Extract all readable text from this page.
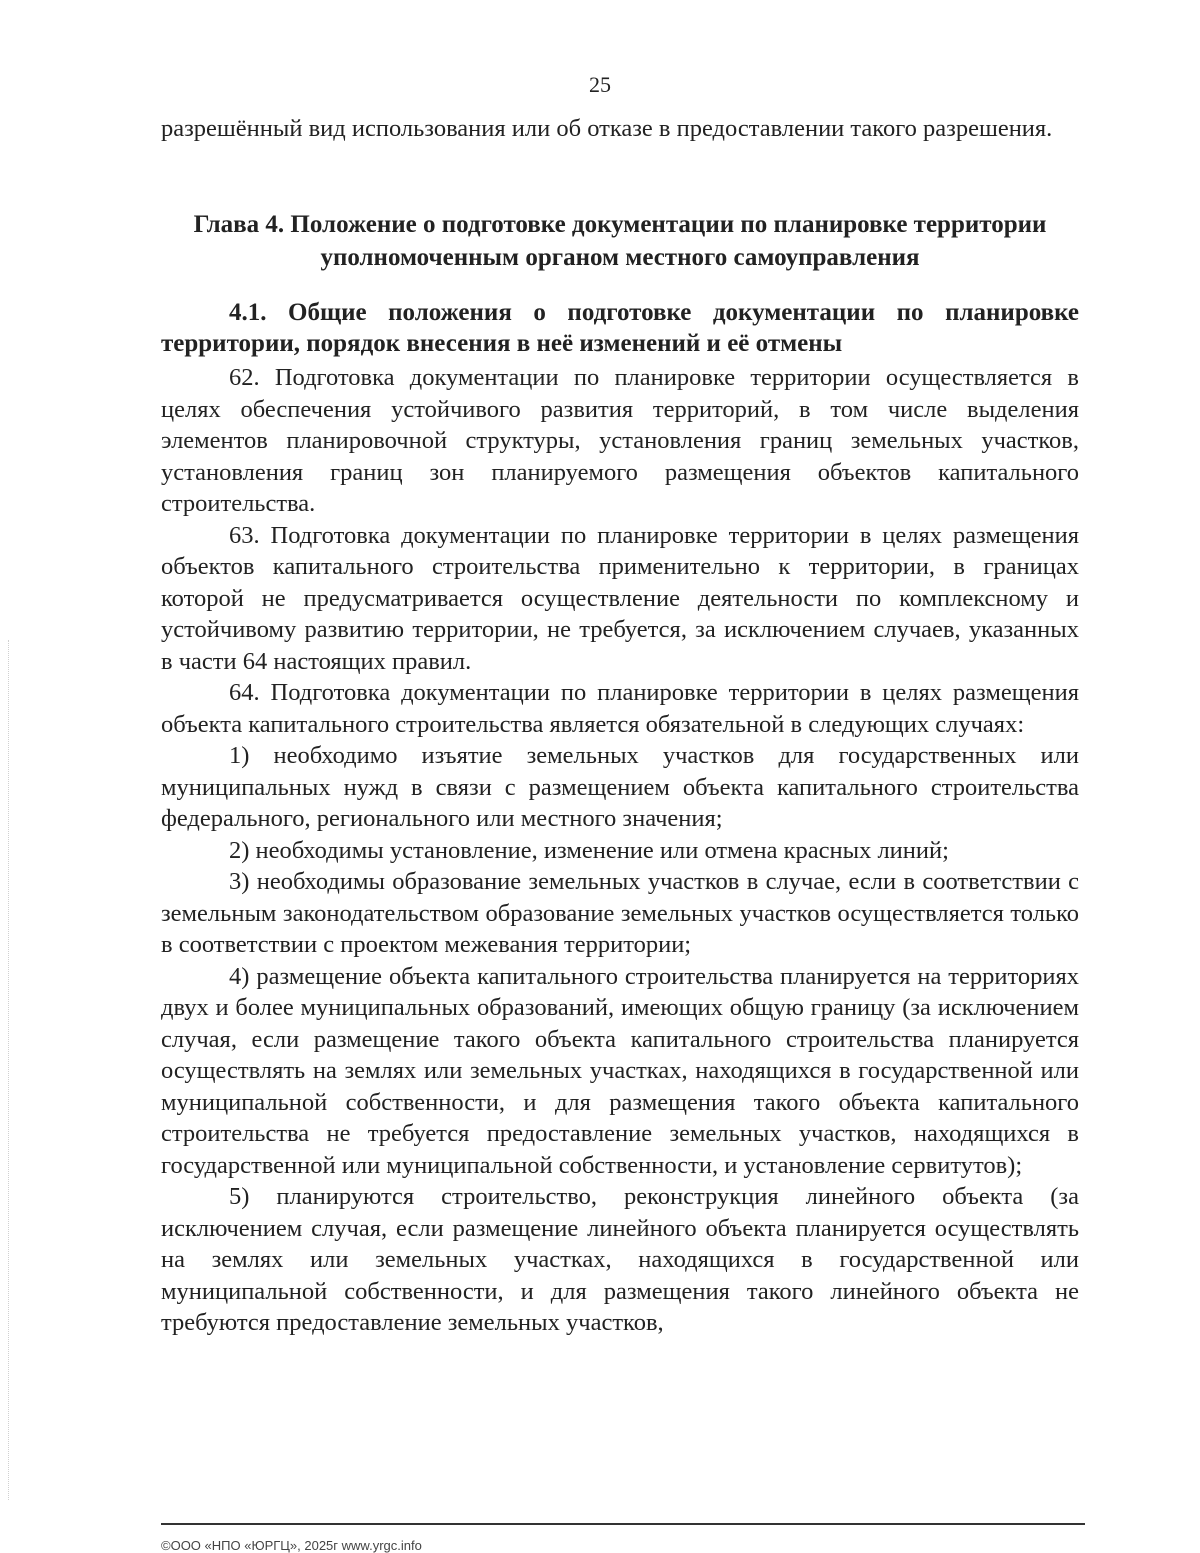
25

разрешённый вид использования или об отказе в предоставлении такого разрешения.

Глава 4. Положение о подготовке документации по планировке территории уполномоченным органом местного самоуправления
4.1. Общие положения о подготовке документации по планировке территории, порядок внесения в неё изменений и её отмены

62. Подготовка документации по планировке территории осуществляется в целях обеспечения устойчивого развития территорий, в том числе выделения элементов планировочной структуры, установления границ земельных участков, установления границ зон планируемого размещения объектов капитального строительства.

63. Подготовка документации по планировке территории в целях размещения объектов капитального строительства применительно к территории, в границах которой не предусматривается осуществление деятельности по комплексному и устойчивому развитию территории, не требуется, за исключением случаев, указанных в части 64 настоящих правил.

64. Подготовка документации по планировке территории в целях размещения объекта капитального строительства является обязательной в следующих случаях:

1) необходимо изъятие земельных участков для государственных или муниципальных нужд в связи с размещением объекта капитального строительства федерального, регионального или местного значения;

2) необходимы установление, изменение или отмена красных линий;

3) необходимы образование земельных участков в случае, если в соответствии с земельным законодательством образование земельных участков осуществляется только в соответствии с проектом межевания территории;

4) размещение объекта капитального строительства планируется на территориях двух и более муниципальных образований, имеющих общую границу (за исключением случая, если размещение такого объекта капитального строительства планируется осуществлять на землях или земельных участках, находящихся в государственной или муниципальной собственности, и для размещения такого объекта капитального строительства не требуется предоставление земельных участков, находящихся в государственной или муниципальной собственности, и установление сервитутов);

5) планируются строительство, реконструкция линейного объекта (за исключением случая, если размещение линейного объекта планируется осуществлять на землях или земельных участках, находящихся в государственной или муниципальной собственности, и для размещения такого линейного объекта не требуются предоставление земельных участков,

©ООО «НПО «ЮРГЦ», 2025г www.yrgc.info
